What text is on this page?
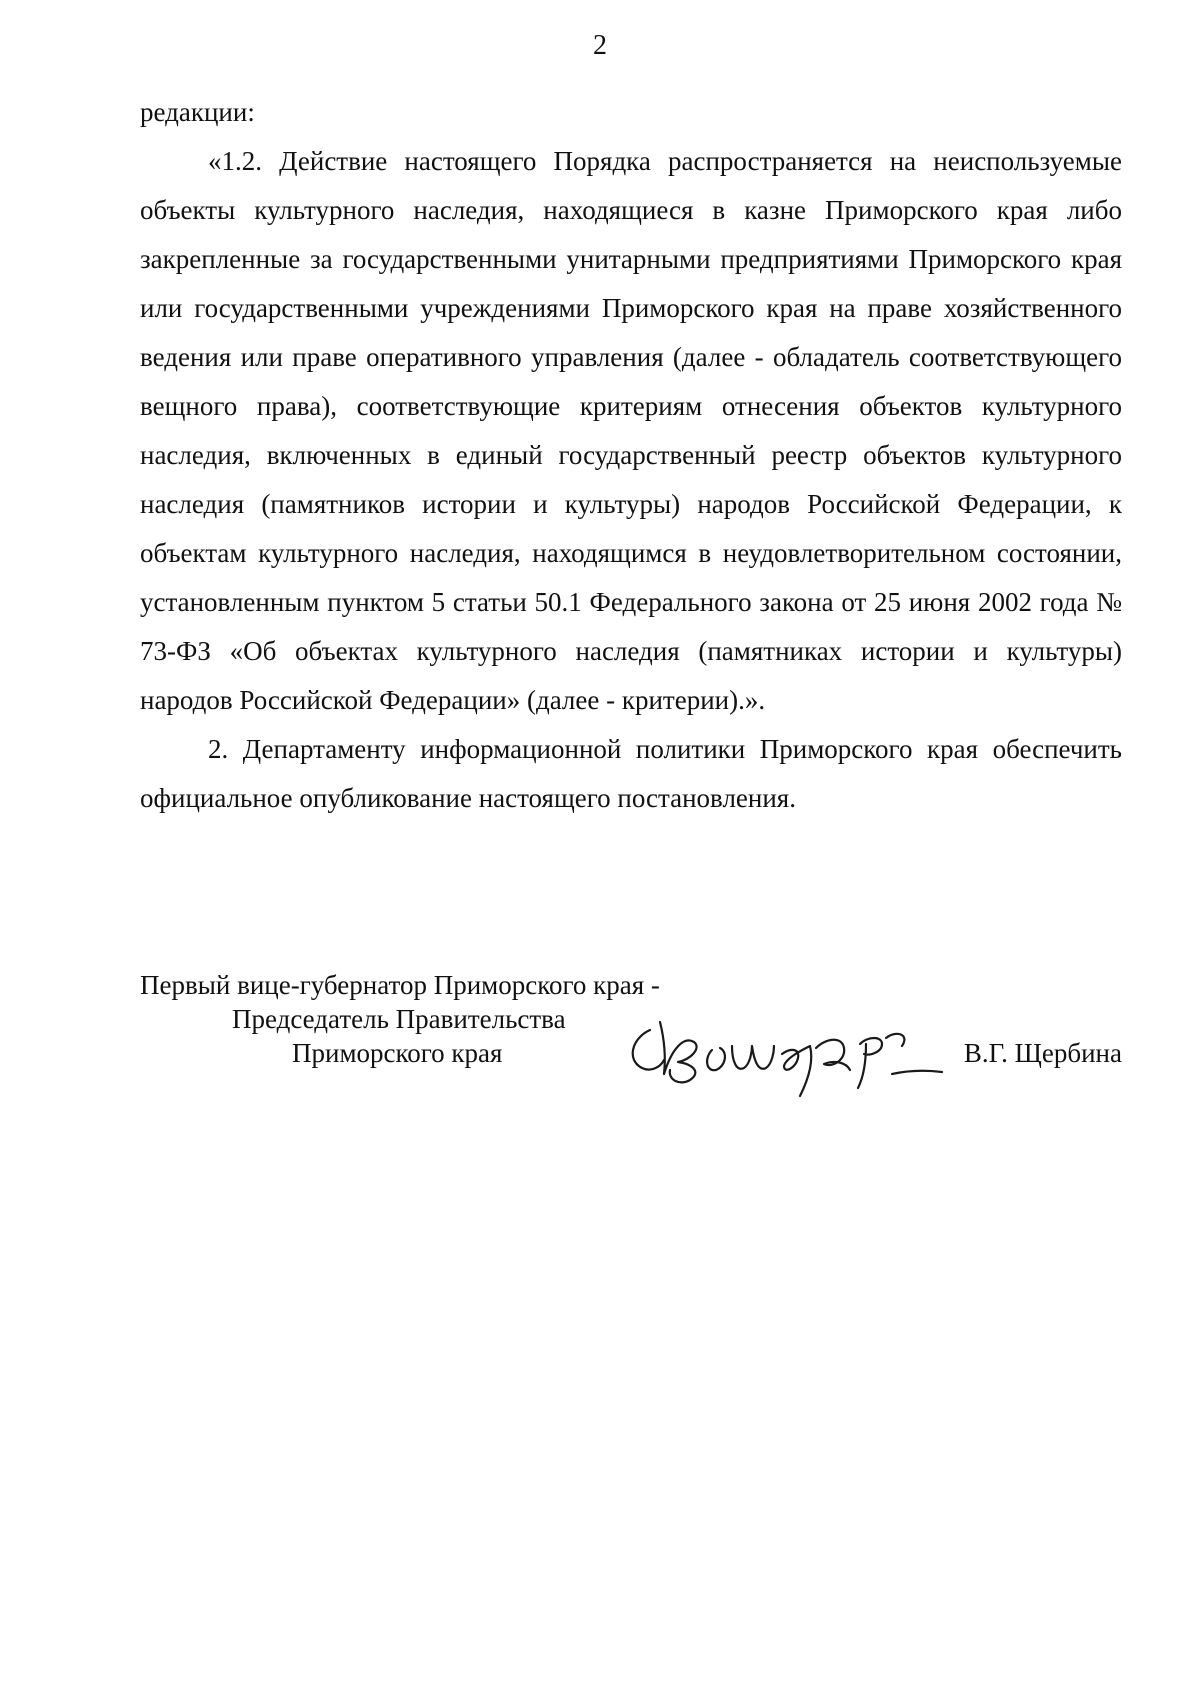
2

редакции:

«1.2. Действие настоящего Порядка распространяется на неиспользуемые объекты культурного наследия, находящиеся в казне Приморского края либо закрепленные за государственными унитарными предприятиями Приморского края или государственными учреждениями Приморского края на праве хозяйственного ведения или праве оперативного управления (далее - обладатель соответствующего вещного права), соответствующие критериям отнесения объектов культурного наследия, включенных в единый государственный реестр объектов культурного наследия (памятников истории и культуры) народов Российской Федерации, к объектам культурного наследия, находящимся в неудовлетворительном состоянии, установленным пунктом 5 статьи 50.1 Федерального закона от 25 июня 2002 года № 73-ФЗ «Об объектах культурного наследия (памятниках истории и культуры) народов Российской Федерации» (далее - критерии).».

2. Департаменту информационной политики Приморского края обеспечить официальное опубликование настоящего постановления.

Первый вице-губернатор Приморского края -
Председатель Правительства
Приморского края	В.Г. Щербина
